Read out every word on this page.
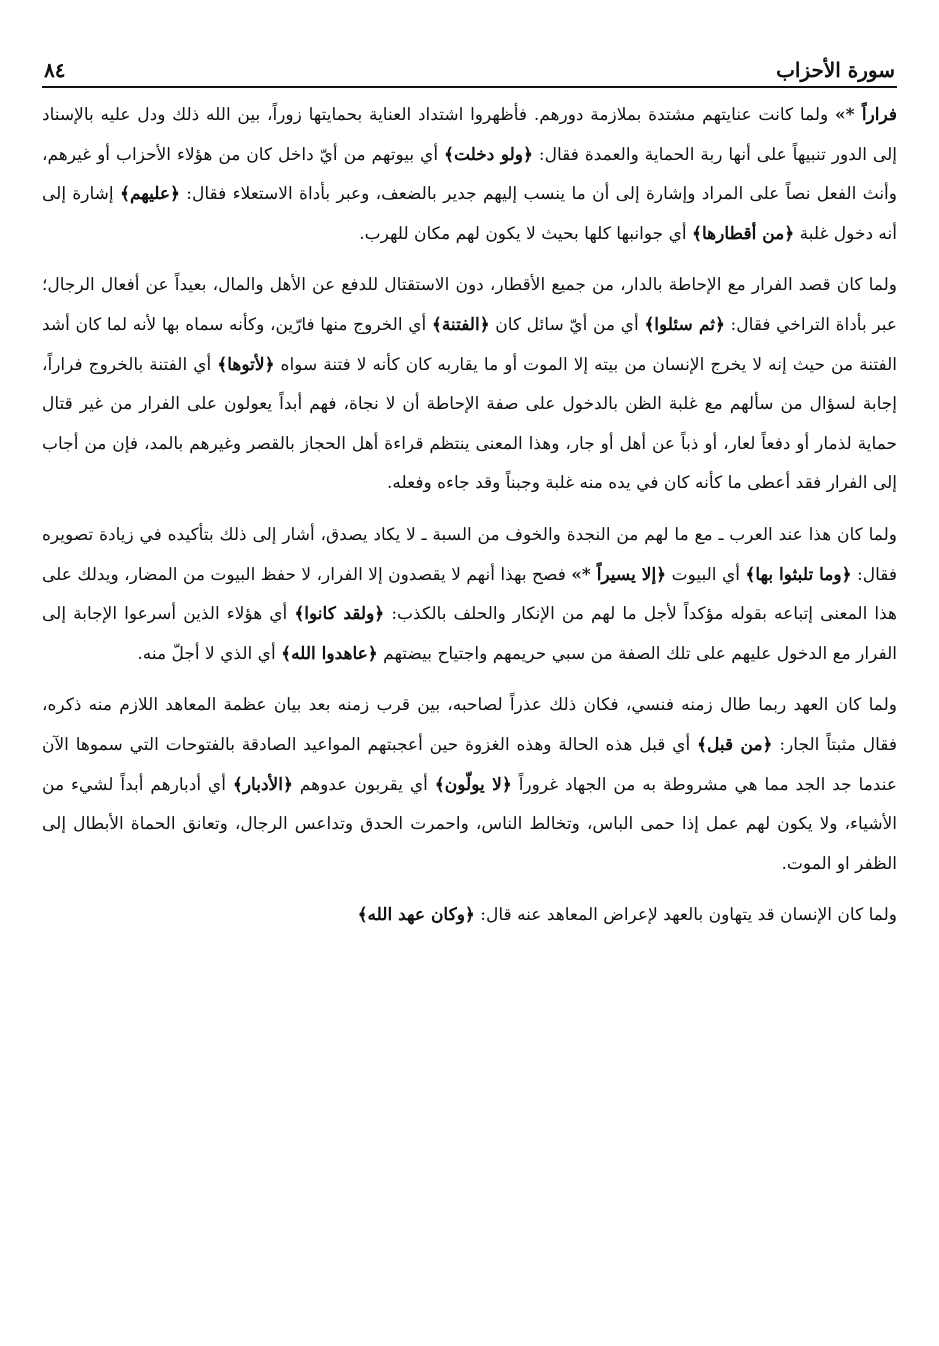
سورة الأحزاب
٨٤

فراراً *» ولما كانت عنايتهم مشتدة بملازمة دورهم. فأظهروا اشتداد العناية بحمايتها زوراً، بين الله ذلك ودل عليه بالإسناد إلى الدور تنبيهاً على أنها ربة الحماية والعمدة فقال: ﴿ولو دخلت﴾ أي بيوتهم من أيّ داخل كان من هؤلاء الأحزاب أو غيرهم، وأنث الفعل نصاً على المراد وإشارة إلى أن ما ينسب إليهم جدير بالضعف، وعبر بأداة الاستعلاء فقال: ﴿عليهم﴾ إشارة إلى أنه دخول غلبة ﴿من أقطارها﴾ أي جوانبها كلها بحيث لا يكون لهم مكان للهرب.

ولما كان قصد الفرار مع الإحاطة بالدار، من جميع الأقطار، دون الاستقتال للدفع عن الأهل والمال، بعيداً عن أفعال الرجال؛ عبر بأداة التراخي فقال: ﴿ثم سئلوا﴾ أي من أيّ سائل كان ﴿الفتنة﴾ أي الخروج منها فارّين، وكأنه سماه بها لأنه لما كان أشد الفتنة من حيث إنه لا يخرج الإنسان من بيته إلا الموت أو ما يقاربه كان كأنه لا فتنة سواه ﴿لأتوها﴾ أي الفتنة بالخروج فراراً، إجابة لسؤال من سألهم مع غلبة الظن بالدخول على صفة الإحاطة أن لا نجاة، فهم أبداً يعولون على الفرار من غير قتال حماية لذمار أو دفعاً لعار، أو ذباً عن أهل أو جار، وهذا المعنى ينتظم قراءة أهل الحجاز بالقصر وغيرهم بالمد، فإن من أجاب إلى الفرار فقد أعطى ما كأنه كان في يده منه غلبة وجبناً وقد جاءه وفعله.

ولما كان هذا عند العرب ـ مع ما لهم من النجدة والخوف من السبة ـ لا يكاد يصدق، أشار إلى ذلك بتأكيده في زيادة تصويره فقال: ﴿وما تلبثوا بها﴾ أي البيوت ﴿إلا يسيراً *» فصح بهذا أنهم لا يقصدون إلا الفرار، لا حفظ البيوت من المضار، ويدلك على هذا المعنى إتباعه بقوله مؤكداً لأجل ما لهم من الإنكار والحلف بالكذب: ﴿ولقد كانوا﴾ أي هؤلاء الذين أسرعوا الإجابة إلى الفرار مع الدخول عليهم على تلك الصفة من سبي حريمهم واجتياح بيضتهم ﴿عاهدوا الله﴾ أي الذي لا أجلّ منه.

ولما كان العهد ربما طال زمنه فنسي، فكان ذلك عذراً لصاحبه، بين قرب زمنه بعد بيان عظمة المعاهد اللازم منه ذكره، فقال مثبتاً الجار: ﴿من قبل﴾ أي قبل هذه الحالة وهذه الغزوة حين أعجبتهم المواعيد الصادقة بالفتوحات التي سموها الآن عندما جد الجد مما هي مشروطة به من الجهاد غروراً ﴿لا يولّون﴾ أي يقربون عدوهم ﴿الأدبار﴾ أي أدبارهم أبداً لشيء من الأشياء، ولا يكون لهم عمل إذا حمى الباس، وتخالط الناس، واحمرت الحدق وتداعس الرجال، وتعانق الحماة الأبطال إلى الظفر او الموت.

ولما كان الإنسان قد يتهاون بالعهد لإعراض المعاهد عنه قال: ﴿وكان عهد الله﴾
